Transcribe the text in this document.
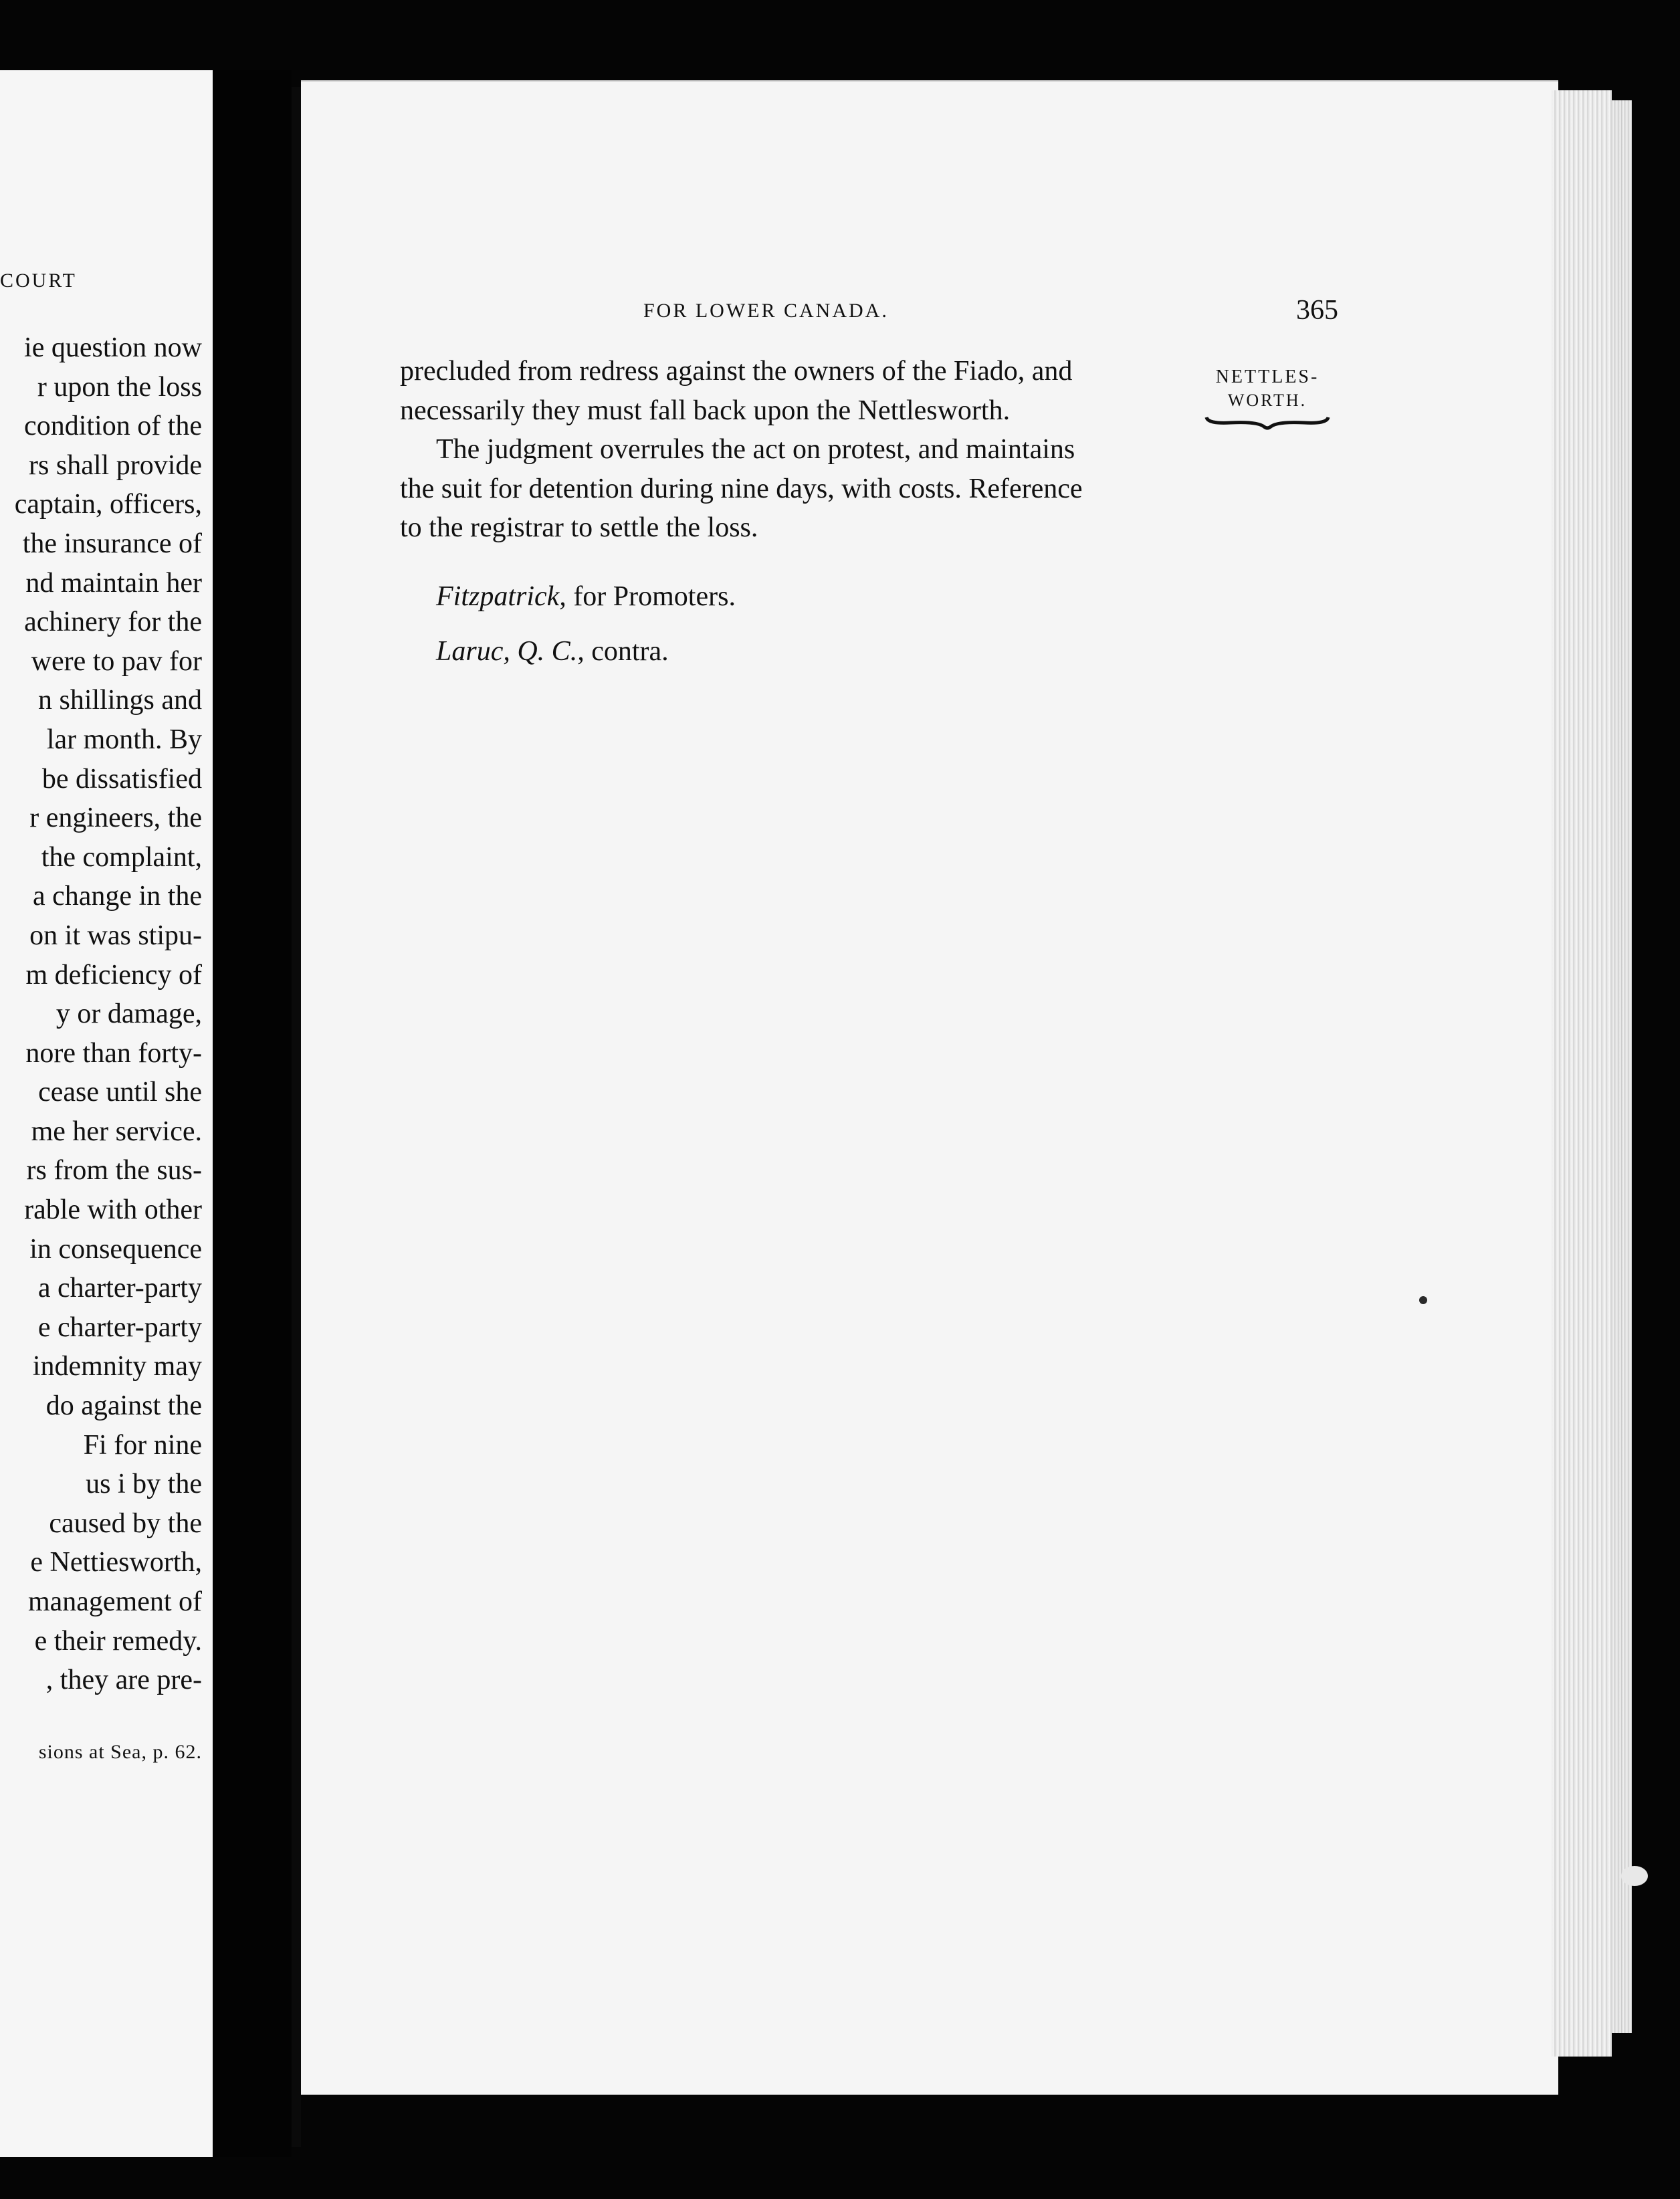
COURT
ie question now
r upon the loss
condition of the
rs shall provide
captain, officers,
the insurance of
nd maintain her
achinery for the
were to pav for
n shillings and
lar month. By
be dissatisfied
r engineers, the
the complaint,
a change in the
on it was stipu-
m deficiency of
y or damage,
nore than forty-
cease until she
me her service.
rs from the sus-
rable with other
in consequence
a charter-party
e charter-party
indemnity may
do against the
Fi for nine
us i by the
caused by the
e Nettiesworth,
management of
e their remedy.
, they are pre-
sions at Sea, p. 62.
FOR LOWER CANADA.	365
NETTLES-
WORTH.
precluded from redress against the owners of the Fiado, and
necessarily they must fall back upon the Nettlesworth.
The judgment overrules the act on protest, and maintains
the suit for detention during nine days, with costs. Reference
to the registrar to settle the loss.
Fitzpatrick, for Promoters.
Laruc, Q. C., contra.
